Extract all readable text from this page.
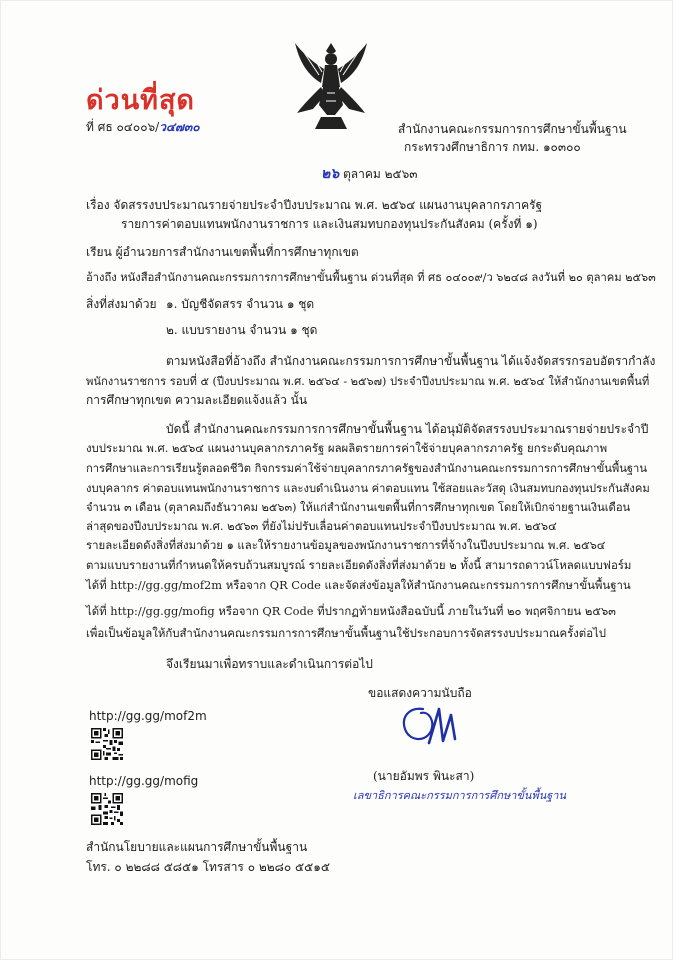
ด่วนที่สุด
ที่ ศธ ๐๔๐๐๖/ว๔๗๓๐	สำนักงานคณะกรรมการการศึกษาขั้นพื้นฐาน
กระทรวงศึกษาธิการ กทม. ๑๐๓๐๐
๒๖ ตุลาคม ๒๕๖๓
เรื่อง จัดสรรงบประมาณรายจ่ายประจำปีงบประมาณ พ.ศ. ๒๕๖๔ แผนงานบุคลากรภาครัฐ
รายการค่าตอบแทนพนักงานราชการ และเงินสมทบกองทุนประกันสังคม (ครั้งที่ ๑)
เรียน ผู้อำนวยการสำนักงานเขตพื้นที่การศึกษาทุกเขต
อ้างถึง หนังสือสำนักงานคณะกรรมการการศึกษาขั้นพื้นฐาน ด่วนที่สุด ที่ ศธ ๐๔๐๐๙/ว ๖๒๔๘ ลงวันที่ ๒๐ ตุลาคม ๒๕๖๓
สิ่งที่ส่งมาด้วย ๑. บัญชีจัดสรร จำนวน ๑ ชุด
๒. แบบรายงาน จำนวน ๑ ชุด
ตามหนังสือที่อ้างถึง สำนักงานคณะกรรมการการศึกษาขั้นพื้นฐาน ได้แจ้งจัดสรรกรอบอัตรากำลัง
พนักงานราชการ รอบที่ ๕ (ปีงบประมาณ พ.ศ. ๒๕๖๔ - ๒๕๖๗) ประจำปีงบประมาณ พ.ศ. ๒๕๖๔ ให้สำนักงานเขตพื้นที่
การศึกษาทุกเขต ความละเอียดแจ้งแล้ว นั้น
บัดนี้ สำนักงานคณะกรรมการการศึกษาขั้นพื้นฐาน ได้อนุมัติจัดสรรงบประมาณรายจ่ายประจำปี
งบประมาณ พ.ศ. ๒๕๖๔ แผนงานบุคลากรภาครัฐ ผลผลิตรายการค่าใช้จ่ายบุคลากรภาครัฐ ยกระดับคุณภาพ
การศึกษาและการเรียนรู้ตลอดชีวิต กิจกรรมค่าใช้จ่ายบุคลากรภาครัฐของสำนักงานคณะกรรมการการศึกษาขั้นพื้นฐาน
งบบุคลากร ค่าตอบแทนพนักงานราชการ และงบดำเนินงาน ค่าตอบแทน ใช้สอยและวัสดุ เงินสมทบกองทุนประกันสังคม
จำนวน ๓ เดือน (ตุลาคมถึงธันวาคม ๒๕๖๓) ให้แก่สำนักงานเขตพื้นที่การศึกษาทุกเขต โดยให้เบิกจ่ายฐานเงินเดือน
ล่าสุดของปีงบประมาณ พ.ศ. ๒๕๖๓ ที่ยังไม่ปรับเลื่อนค่าตอบแทนประจำปีงบประมาณ พ.ศ. ๒๕๖๔
รายละเอียดดังสิ่งที่ส่งมาด้วย ๑ และให้รายงานข้อมูลของพนักงานราชการที่จ้างในปีงบประมาณ พ.ศ. ๒๕๖๔
ตามแบบรายงานที่กำหนดให้ครบถ้วนสมบูรณ์ รายละเอียดดังสิ่งที่ส่งมาด้วย ๒ ทั้งนี้ สามารถดาวน์โหลดแบบฟอร์ม
ได้ที่ http://gg.gg/mof2m หรือจาก QR Code และจัดส่งข้อมูลให้สำนักงานคณะกรรมการการศึกษาขั้นพื้นฐาน
ได้ที่ http://gg.gg/mofig หรือจาก QR Code ที่ปรากฏท้ายหนังสือฉบับนี้ ภายในวันที่ ๒๐ พฤศจิกายน ๒๕๖๓
เพื่อเป็นข้อมูลให้กับสำนักงานคณะกรรมการการศึกษาขั้นพื้นฐานใช้ประกอบการจัดสรรงบประมาณครั้งต่อไป
จึงเรียนมาเพื่อทราบและดำเนินการต่อไป
ขอแสดงความนับถือ
(นายอัมพร พินะสา)
เลขาธิการคณะกรรมการการศึกษาขั้นพื้นฐาน
http://gg.gg/mof2m
http://gg.gg/mofig
สำนักนโยบายและแผนการศึกษาขั้นพื้นฐาน
โทร. ๐ ๒๒๘๘ ๕๘๕๑ โทรสาร ๐ ๒๒๘๐ ๕๕๑๕
